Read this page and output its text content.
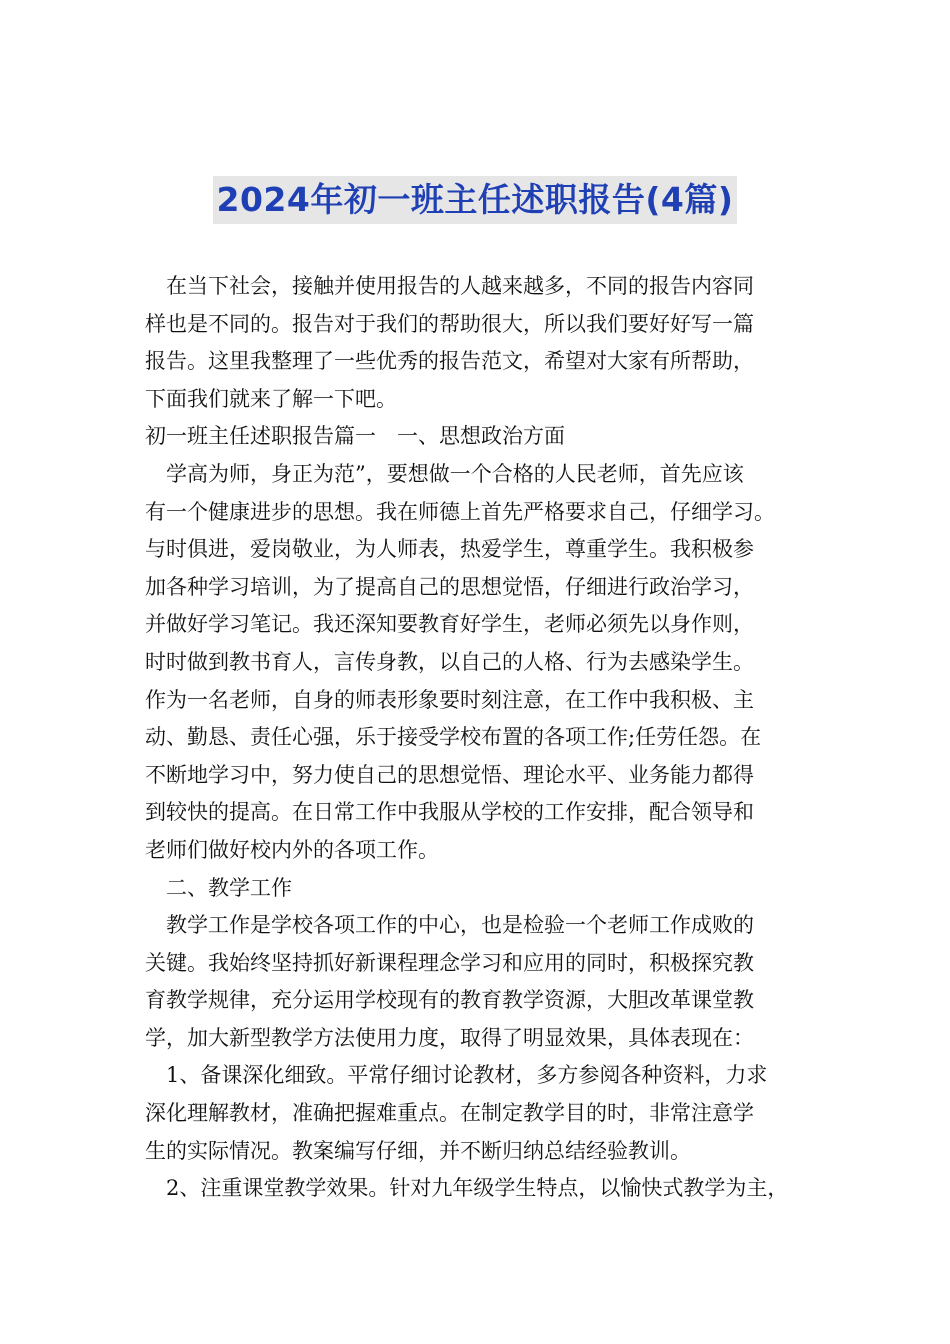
2024年初一班主任述职报告(4篇)
　在当下社会，接触并使用报告的人越来越多，不同的报告内容同
样也是不同的。报告对于我们的帮助很大，所以我们要好好写一篇
报告。这里我整理了一些优秀的报告范文，希望对大家有所帮助，
下面我们就来了解一下吧。
初一班主任述职报告篇一　一、思想政治方面
　学高为师，身正为范”，要想做一个合格的人民老师，首先应该
有一个健康进步的思想。我在师德上首先严格要求自己，仔细学习。
与时俱进，爱岗敬业，为人师表，热爱学生，尊重学生。我积极参
加各种学习培训，为了提高自己的思想觉悟，仔细进行政治学习，
并做好学习笔记。我还深知要教育好学生，老师必须先以身作则，
时时做到教书育人，言传身教，以自己的人格、行为去感染学生。
作为一名老师，自身的师表形象要时刻注意，在工作中我积极、主
动、勤恳、责任心强，乐于接受学校布置的各项工作;任劳任怨。在
不断地学习中，努力使自己的思想觉悟、理论水平、业务能力都得
到较快的提高。在日常工作中我服从学校的工作安排，配合领导和
老师们做好校内外的各项工作。
　二、教学工作
　教学工作是学校各项工作的中心，也是检验一个老师工作成败的
关键。我始终坚持抓好新课程理念学习和应用的同时，积极探究教
育教学规律，充分运用学校现有的教育教学资源，大胆改革课堂教
学，加大新型教学方法使用力度，取得了明显效果，具体表现在：
　1、备课深化细致。平常仔细讨论教材，多方参阅各种资料，力求
深化理解教材，准确把握难重点。在制定教学目的时，非常注意学
生的实际情况。教案编写仔细，并不断归纳总结经验教训。
　2、注重课堂教学效果。针对九年级学生特点，以愉快式教学为主，
